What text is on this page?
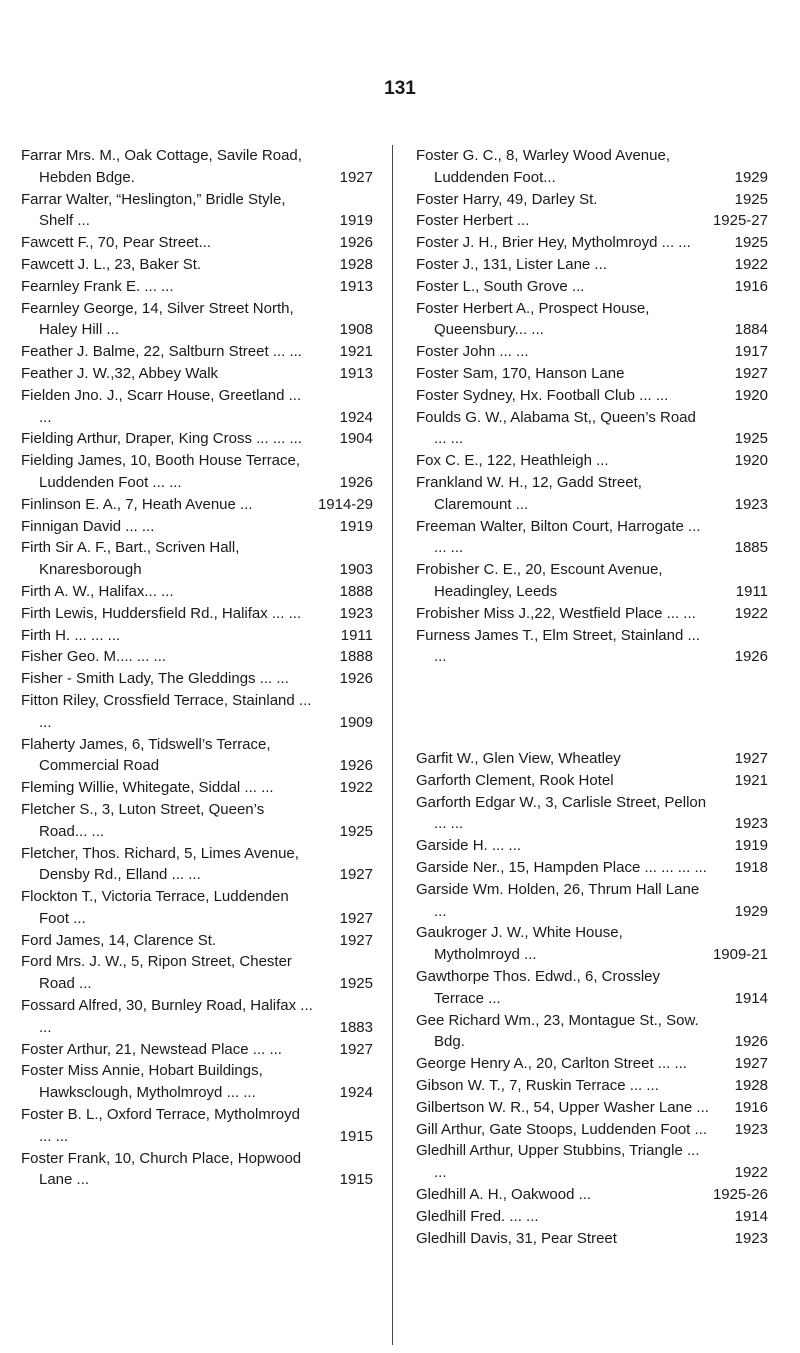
131
Farrar Mrs. M., Oak Cottage, Savile Road, Hebden Bdge.	1927
Farrar Walter, “Heslington,” Bridle Style, Shelf ...	1919
Fawcett F., 70, Pear Street...	1926
Fawcett J. L., 23, Baker St.	1928
Fearnley Frank E. ... ...	1913
Fearnley George, 14, Silver Street North, Haley Hill ...	1908
Feather J. Balme, 22, Saltburn Street ... ...	1921
Feather J. W.,32, Abbey Walk	1913
Fielden Jno. J., Scarr House, Greetland ... ...	1924
Fielding Arthur, Draper, King Cross ... ... ...	1904
Fielding James, 10, Booth House Terrace, Luddenden Foot ... ...	1926
Finlinson E. A., 7, Heath Avenue ...	1914-29
Finnigan David ... ...	1919
Firth Sir A. F., Bart., Scriven Hall, Knaresborough	1903
Firth A. W., Halifax... ...	1888
Firth Lewis, Huddersfield Rd., Halifax ... ...	1923
Firth H. ... ... ...	1911
Fisher Geo. M.... ... ...	1888
Fisher - Smith Lady, The Gleddings ... ...	1926
Fitton Riley, Crossfield Terrace, Stainland ... ...	1909
Flaherty James, 6, Tidswell’s Terrace, Commercial Road	1926
Fleming Willie, Whitegate, Siddal ... ...	1922
Fletcher S., 3, Luton Street, Queen’s Road... ...	1925
Fletcher, Thos. Richard, 5, Limes Avenue, Densby Rd., Elland ... ...	1927
Flockton T., Victoria Terrace, Luddenden Foot ...	1927
Ford James, 14, Clarence St.	1927
Ford Mrs. J. W., 5, Ripon Street, Chester Road ...	1925
Fossard Alfred, 30, Burnley Road, Halifax ... ...	1883
Foster Arthur, 21, Newstead Place ... ...	1927
Foster Miss Annie, Hobart Buildings, Hawksclough, Mytholmroyd ... ...	1924
Foster B. L., Oxford Terrace, Mytholmroyd ... ...	1915
Foster Frank, 10, Church Place, Hopwood Lane ...	1915
Foster G. C., 8, Warley Wood Avenue, Luddenden Foot...	1929
Foster Harry, 49, Darley St.	1925
Foster Herbert ...	1925-27
Foster J. H., Brier Hey, Mytholmroyd ... ...	1925
Foster J., 131, Lister Lane ...	1922
Foster L., South Grove ...	1916
Foster Herbert A., Prospect House, Queensbury... ...	1884
Foster John ... ...	1917
Foster Sam, 170, Hanson Lane	1927
Foster Sydney, Hx. Football Club ... ...	1920
Foulds G. W., Alabama St,, Queen’s Road ... ...	1925
Fox C. E., 122, Heathleigh ...	1920
Frankland W. H., 12, Gadd Street, Claremount ...	1923
Freeman Walter, Bilton Court, Harrogate ... ... ...	1885
Frobisher C. E., 20, Escount Avenue, Headingley, Leeds	1911
Frobisher Miss J.,22, Westfield Place ... ...	1922
Furness James T., Elm Street, Stainland ... ...	1926
Garfit W., Glen View, Wheatley	1927
Garforth Clement, Rook Hotel	1921
Garforth Edgar W., 3, Carlisle Street, Pellon ... ...	1923
Garside H. ... ...	1919
Garside Ner., 15, Hampden Place ... ... ... ... 1918
Garside Wm. Holden, 26, Thrum Hall Lane ...	1929
Gaukroger J. W., White House, Mytholmroyd ...	1909-21
Gawthorpe Thos. Edwd., 6, Crossley Terrace ...	1914
Gee Richard Wm., 23, Montague St., Sow. Bdg.	1926
George Henry A., 20, Carlton Street ... ...	1927
Gibson W. T., 7, Ruskin Terrace ... ...	1928
Gilbertson W. R., 54, Upper Washer Lane ... 1916
Gill Arthur, Gate Stoops, Luddenden Foot ... 1923
Gledhill Arthur, Upper Stubbins, Triangle ... ...	1922
Gledhill A. H., Oakwood ...	1925-26
Gledhill Fred. ... ...	1914
Gledhill Davis, 31, Pear Street	1923
